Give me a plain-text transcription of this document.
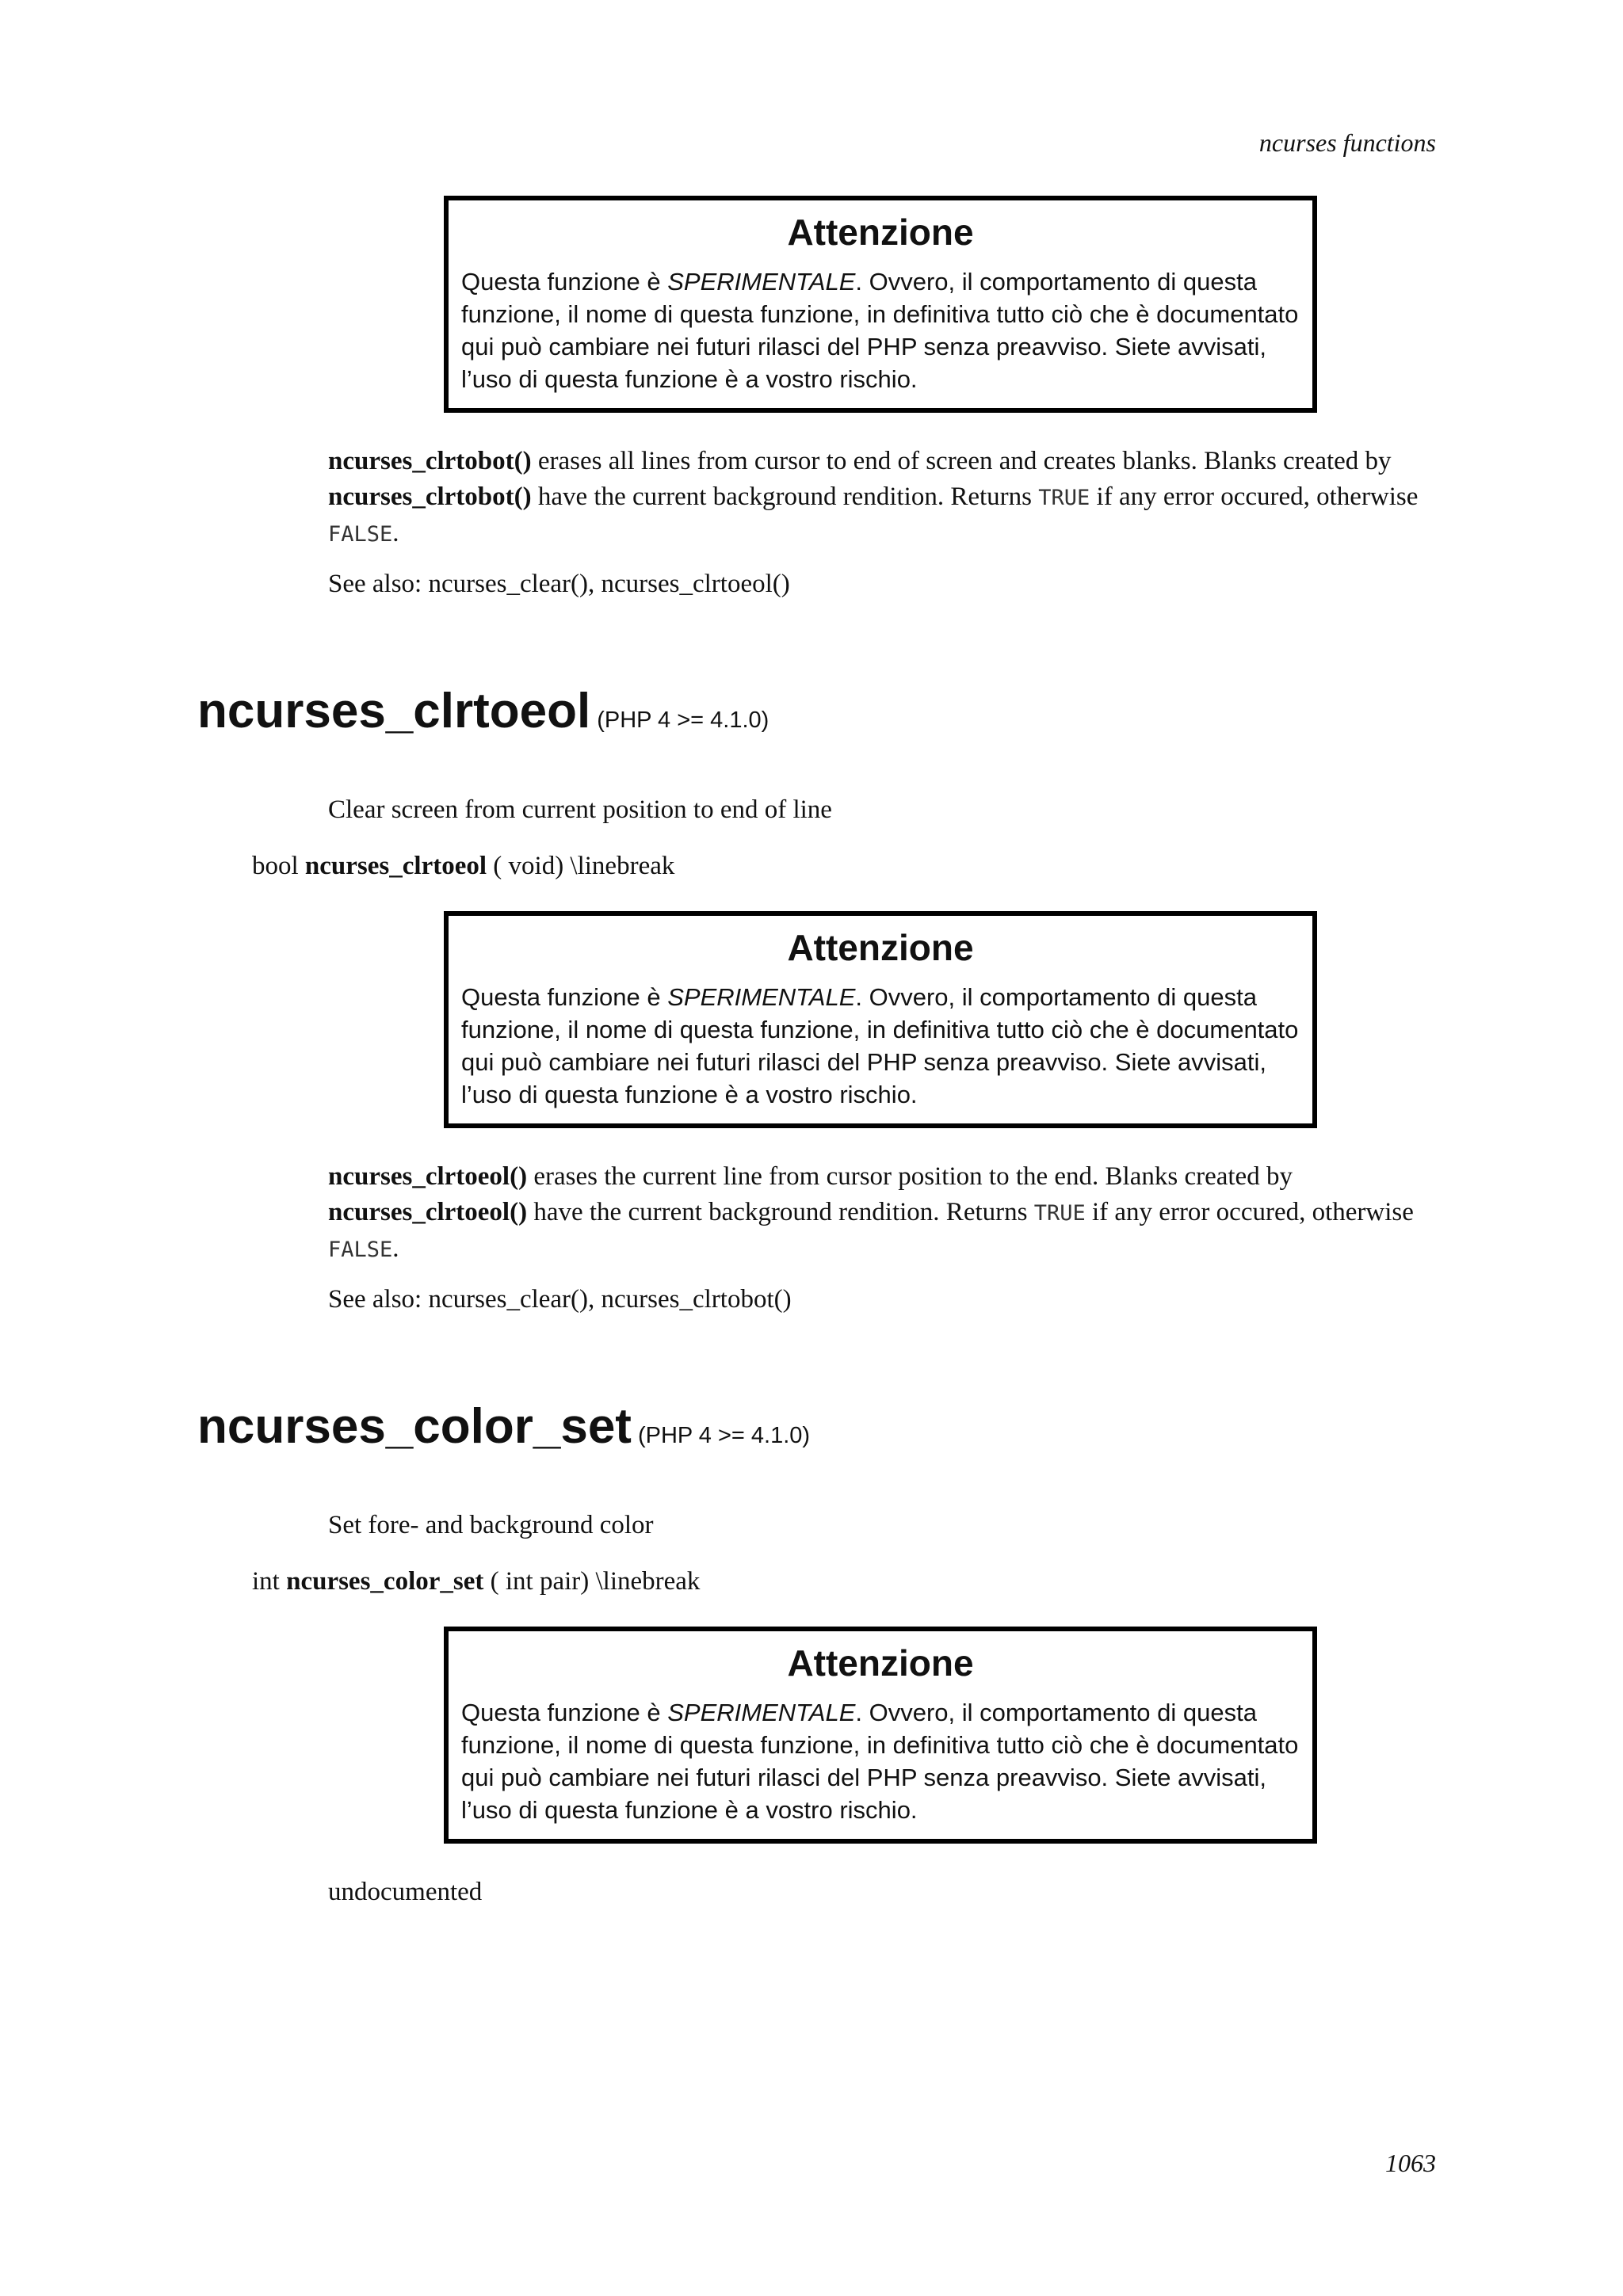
ncurses functions
Attenzione
Questa funzione è SPERIMENTALE. Ovvero, il comportamento di questa
funzione, il nome di questa funzione, in definitiva tutto ciò che è documentato
qui può cambiare nei futuri rilasci del PHP senza preavviso. Siete avvisati,
l’uso di questa funzione è a vostro rischio.
ncurses_clrtobot() erases all lines from cursor to end of screen and creates blanks. Blanks created by ncurses_clrtobot() have the current background rendition. Returns TRUE if any error occured, otherwise FALSE.
See also: ncurses_clear(), ncurses_clrtoeol()
ncurses_clrtoeol (PHP 4 >= 4.1.0)
Clear screen from current position to end of line
bool ncurses_clrtoeol ( void) \linebreak
Attenzione
Questa funzione è SPERIMENTALE. Ovvero, il comportamento di questa
funzione, il nome di questa funzione, in definitiva tutto ciò che è documentato
qui può cambiare nei futuri rilasci del PHP senza preavviso. Siete avvisati,
l’uso di questa funzione è a vostro rischio.
ncurses_clrtoeol() erases the current line from cursor position to the end. Blanks created by ncurses_clrtoeol() have the current background rendition. Returns TRUE if any error occured, otherwise FALSE.
See also: ncurses_clear(), ncurses_clrtobot()
ncurses_color_set (PHP 4 >= 4.1.0)
Set fore- and background color
int ncurses_color_set ( int pair) \linebreak
Attenzione
Questa funzione è SPERIMENTALE. Ovvero, il comportamento di questa
funzione, il nome di questa funzione, in definitiva tutto ciò che è documentato
qui può cambiare nei futuri rilasci del PHP senza preavviso. Siete avvisati,
l’uso di questa funzione è a vostro rischio.
undocumented
1063
